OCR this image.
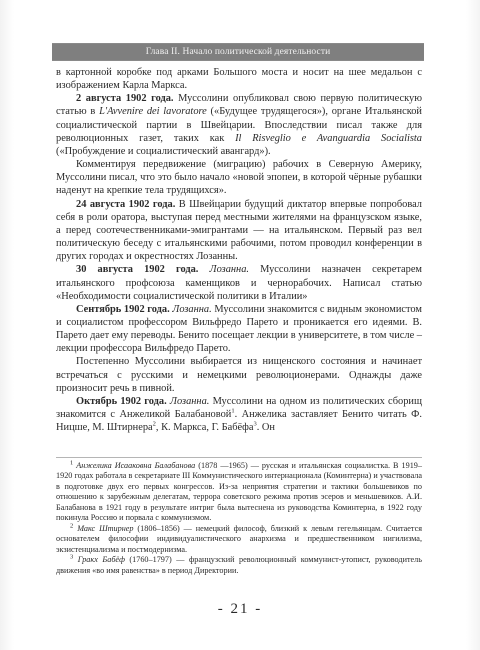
Глава II. Начало политической деятельности

в картонной коробке под арками Большого моста и носит на шее медальон с изображением Карла Маркса.

2 августа 1902 года. Муссолини опубликовал свою первую политическую статью в L'Avvenire dei lavoratore («Будущее трудящегося»), органе Итальянской социалистической партии в Швейцарии. Впоследствии писал также для революционных газет, таких как Il Risveglio e Avanguardia Socialista («Пробуждение и социалистический авангард»).

Комментируя передвижение (миграцию) рабочих в Северную Америку, Муссолини писал, что это было начало «новой эпопеи, в которой чёрные рубашки наденут на крепкие тела трудящихся».

24 августа 1902 года. В Швейцарии будущий диктатор впервые попробовал себя в роли оратора, выступая перед местными жителями на французском языке, а перед соотечественниками-эмигрантами — на итальянском. Первый раз вел политическую беседу с итальянскими рабочими, потом проводил конференции в других городах и окрестностях Лозанны.

30 августа 1902 года. Лозанна. Муссолини назначен секретарем итальянского профсоюза каменщиков и чернорабочих. Написал статью «Необходимости социалистической политики в Италии»

Сентябрь 1902 года. Лозанна. Муссолини знакомится с видным экономистом и социалистом профессором Вильфредо Парето и проникается его идеями. В. Парето дает ему переводы. Бенито посещает лекции в университете, в том числе – лекции профессора Вильфредо Парето.

Постепенно Муссолини выбирается из нищенского состояния и начинает встречаться с русскими и немецкими революционерами. Однажды даже произносит речь в пивной.

Октябрь 1902 года. Лозанна. Муссолини на одном из политических сборищ знакомится с Анжеликой Балабановой$^1$. Анжелика заставляет Бенито читать Ф. Ницше, М. Штирнера$^2$, К. Маркса, Г. Бабёфа$^3$. Он

$^1$ Анжелика Исааковна Балабанова (1878 —1965) — русская и итальянская социалистка. В 1919–1920 годах работала в секретариате III Коммунистического интернационала (Коминтерна) и участвовала в подготовке двух его первых конгрессов. Из-за неприятия стратегии и тактики большевиков по отношению к зарубежным делегатам, террора советского режима против эсеров и меньшевиков. А.И. Балабанова в 1921 году в результате интриг была вытеснена из руководства Коминтерна, в 1922 году покинула Россию и порвала с коммунизмом.

$^2$ Макс Штирнер (1806–1856) — немецкий философ, близкий к левым гегельянцам. Считается основателем философии индивидуалистического анархизма и предшественником нигилизма, экзистенциализма и постмодернизма.

$^3$ Гракх Бабёф (1760–1797) — французский революционный коммунист-утопист, руководитель движения «во имя равенства» в период Директории.

- 21 -
